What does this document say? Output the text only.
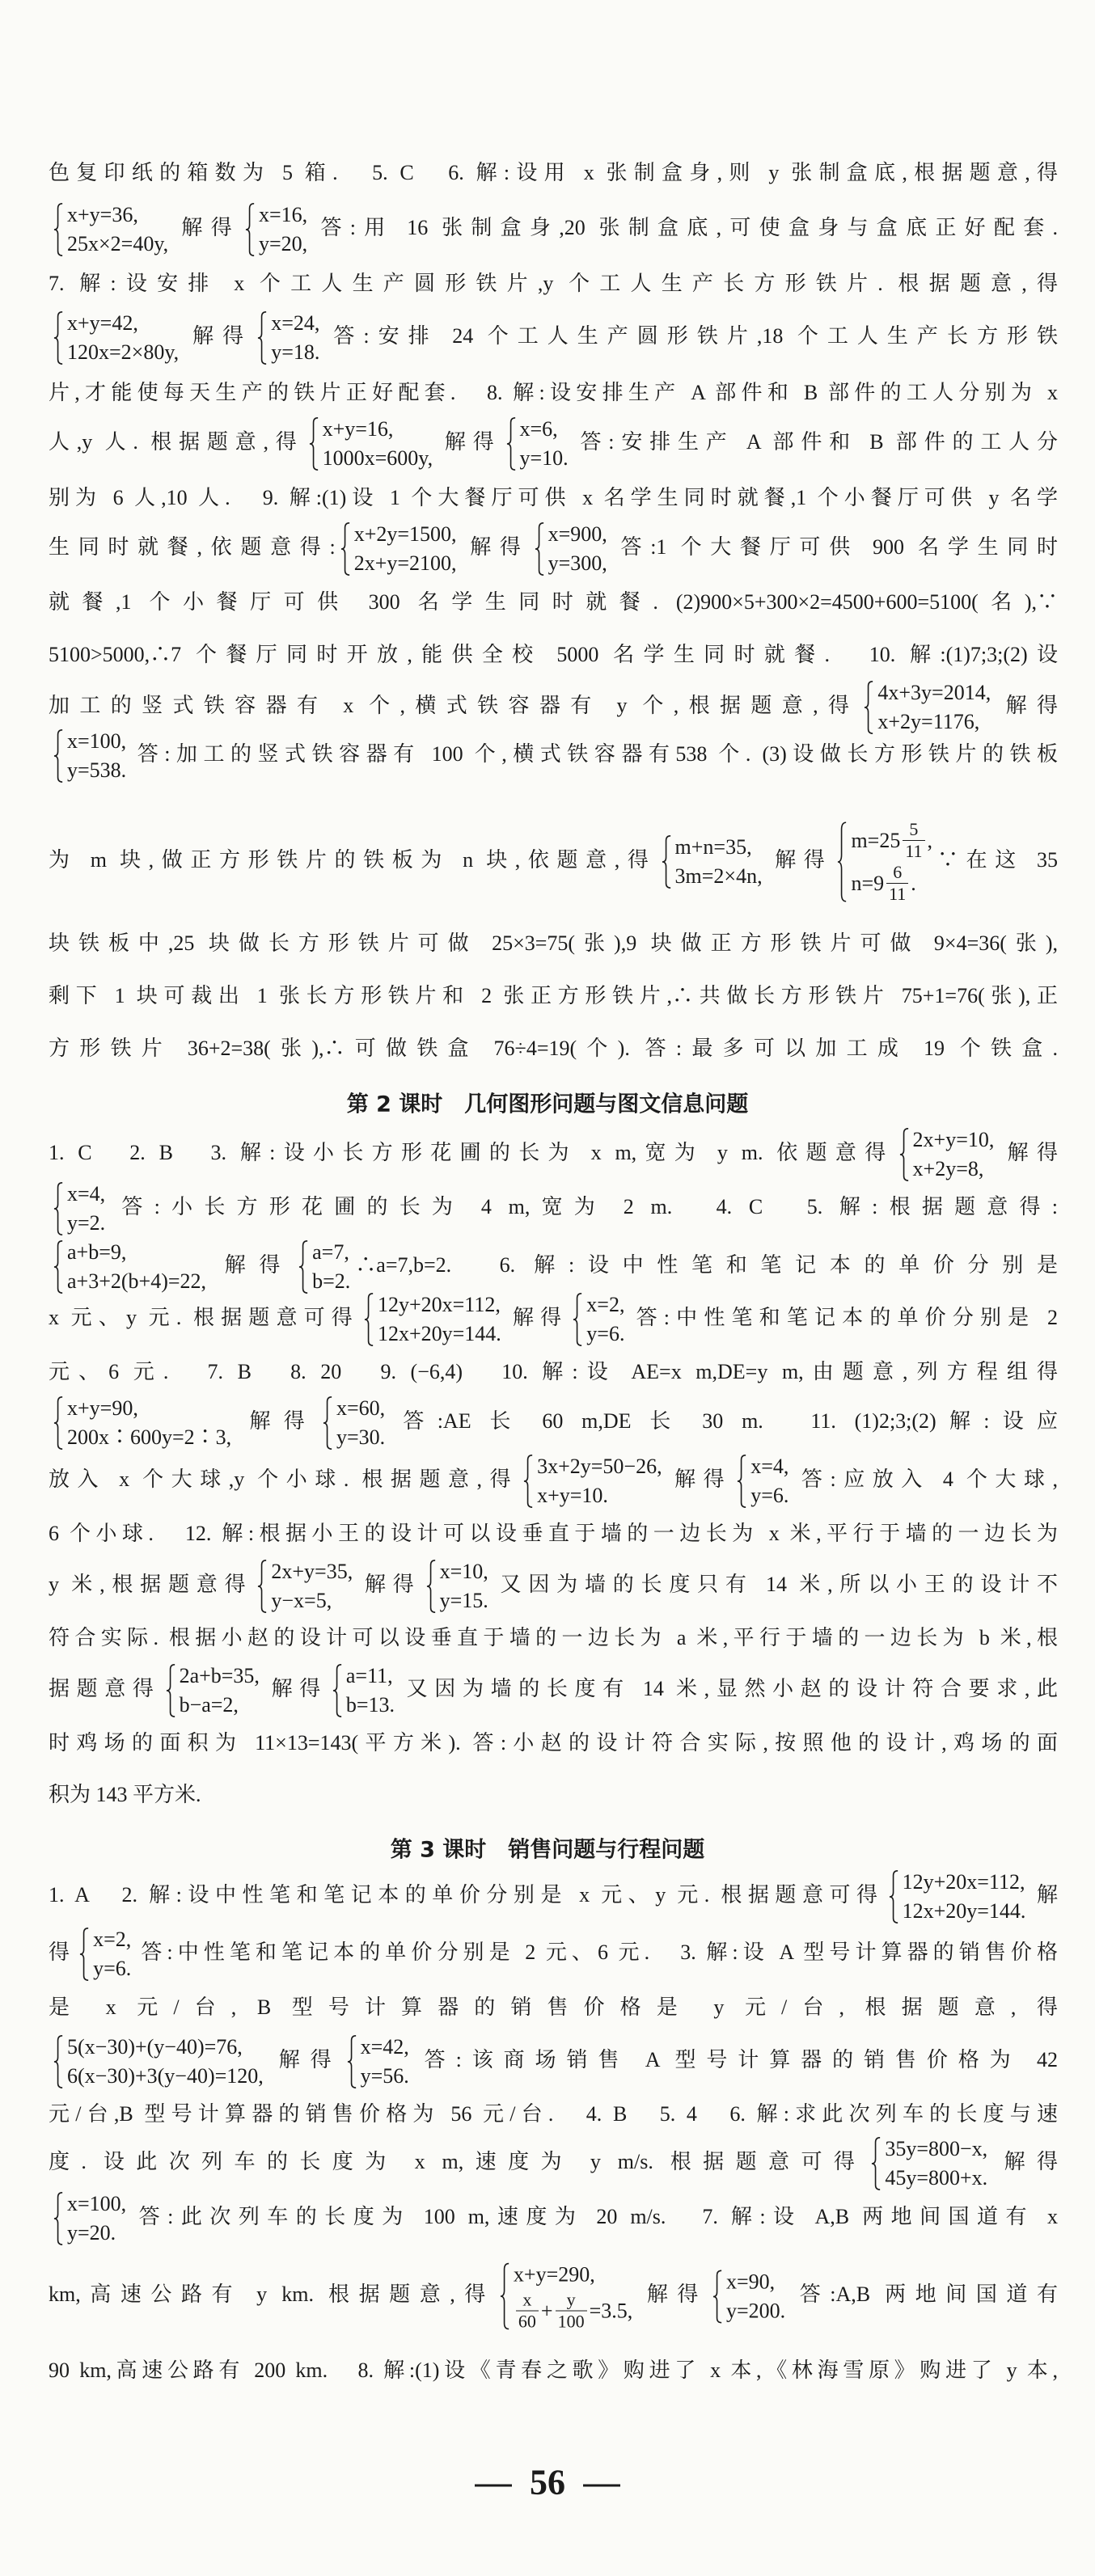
色复印纸的箱数为 5 箱.　5. C　6. 解:设用 x 张制盒身,则 y 张制盒底,根据题意,得
x+y=36,
25x×2=40y,
解得
x=16,
y=20,
答:用 16 张制盒身,20 张制盒底,可使盒身与盒底正好配套.
7. 解:设安排 x 个工人生产圆形铁片,y 个工人生产长方形铁片. 根据题意,得
x+y=42,
120x=2×80y,
解得
x=24,
y=18.
答:安排 24 个工人生产圆形铁片,18 个工人生产长方形铁
片,才能使每天生产的铁片正好配套.　8. 解:设安排生产 A 部件和 B 部件的工人分别为 x
人,y 人. 根据题意,得
x+y=16,
1000x=600y,
解得
x=6,
y=10.
答:安排生产 A 部件和 B 部件的工人分
别为 6 人,10 人.　9. 解:(1)设 1 个大餐厅可供 x 名学生同时就餐,1 个小餐厅可供 y 名学
生同时就餐,依题意得:
x+2y=1500,
2x+y=2100,
解得
x=900,
y=300,
答:1 个大餐厅可供 900 名学生同时
就餐,1 个小餐厅可供 300 名学生同时就餐. (2)900×5+300×2=4500+600=5100(名),∵
5100>5000,∴7 个餐厅同时开放,能供全校 5000 名学生同时就餐.　10. 解:(1)7;3;(2)设
加工的竖式铁容器有 x 个,横式铁容器有 y 个,根据题意,得
4x+3y=2014,
x+2y=1176,
解得
x=100,
y=538.
答:加工的竖式铁容器有 100 个,横式铁容器有538 个. (3)设做长方形铁片的铁板
为 m 块,做正方形铁片的铁板为 n 块,依题意,得
m+n=35,
3m=2×4n,
解得
$m=25 \frac{5}{11}$ ,
$n=9 \frac{6}{11}$ .
∵在这 35
块铁板中,25 块做长方形铁片可做 25×3=75(张),9 块做正方形铁片可做 9×4=36(张),
剩下 1 块可裁出 1 张长方形铁片和 2 张正方形铁片,∴共做长方形铁片 75+1=76(张),正
方形铁片 36+2=38(张),∴可做铁盒 76÷4=19(个). 答:最多可以加工成 19 个铁盒.
第 2 课时　几何图形问题与图文信息问题
1. C　2. B　3. 解:设小长方形花圃的长为 x m,宽为 y m. 依题意得
2x+y=10,
x+2y=8,
解得
x=4,
y=2.
答:小长方形花圃的长为 4 m,宽为 2 m.　4. C　5. 解:根据题意得:
a+b=9,
a+3+2(b+4)=22,
解得
a=7,
b=2.
∴a=7,b=2.　6. 解:设中性笔和笔记本的单价分别是
x 元、y 元. 根据题意可得
12y+20x=112,
12x+20y=144.
解得
x=2,
y=6.
答:中性笔和笔记本的单价分别是 2
元、6 元.　7. B　8. 20　9. (−6,4)　10. 解:设 AE=x m,DE=y m,由题意,列方程组得
x+y=90,
200x∶600y=2∶3,
解得
x=60,
y=30.
答:AE 长 60 m,DE 长 30 m.　11. (1)2;3;(2)解:设应
放入 x 个大球,y 个小球. 根据题意,得
3x+2y=50−26,
x+y=10.
解得
x=4,
y=6.
答:应放入 4 个大球,
6 个小球.　12. 解:根据小王的设计可以设垂直于墙的一边长为 x 米,平行于墙的一边长为
y 米,根据题意得
2x+y=35,
y−x=5,
解得
x=10,
y=15.
又因为墙的长度只有 14 米,所以小王的设计不
符合实际. 根据小赵的设计可以设垂直于墙的一边长为 a 米,平行于墙的一边长为 b 米,根
据题意得
2a+b=35,
b−a=2,
解得
a=11,
b=13.
又因为墙的长度有 14 米,显然小赵的设计符合要求,此
时鸡场的面积为 11×13=143(平方米). 答:小赵的设计符合实际,按照他的设计,鸡场的面
积为 143 平方米.
第 3 课时　销售问题与行程问题
1. A　2. 解:设中性笔和笔记本的单价分别是 x 元、y 元. 根据题意可得
12y+20x=112,
12x+20y=144.
解
得
x=2,
y=6.
答:中性笔和笔记本的单价分别是 2 元、6 元.　3. 解:设 A 型号计算器的销售价格
是 x 元/台, B 型号计算器的销售价格是 y 元/台, 根据题意, 得
5(x−30)+(y−40)=76,
6(x−30)+3(y−40)=120,
解得
x=42,
y=56.
答:该商场销售 A 型号计算器的销售价格为 42
元/台,B 型号计算器的销售价格为 56 元/台.　4. B　5. 4　6. 解:求此次列车的长度与速
度. 设此次列车的长度为 x m,速度为 y m/s. 根据题意可得
35y=800−x,
45y=800+x.
解得
x=100,
y=20.
答:此次列车的长度为 100 m,速度为 20 m/s.　7. 解:设 A,B 两地间国道有 x
km,高速公路有 y km. 根据题意,得
x+y=290,
$\frac{x}{60} + \frac{y}{100} =3.5$,
解得
x=90,
y=200.
答:A,B 两地间国道有
90 km,高速公路有 200 km.　8. 解:(1)设《青春之歌》购进了 x 本,《林海雪原》购进了 y 本,
56
